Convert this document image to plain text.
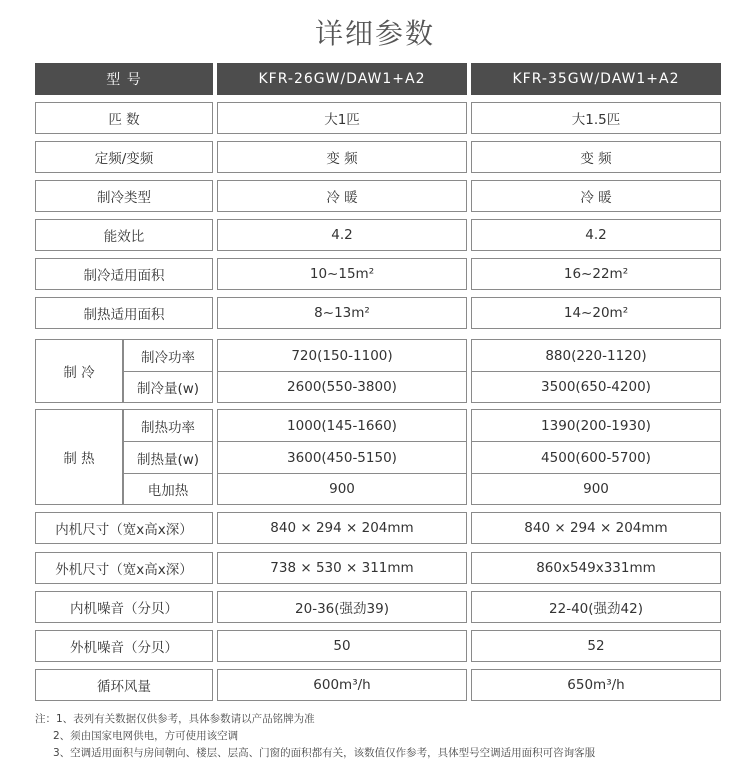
详细参数
型 号	KFR-26GW/DAW1+A2	KFR-35GW/DAW1+A2
匹 数	大1匹	大1.5匹
定频/变频	变 频	变 频
制冷类型	冷 暖	冷 暖
能效比	4.2	4.2
制冷适用面积	10~15m²	16~22m²
制热适用面积	8~13m²	14~20m²
制 冷
制冷功率	720(150-1100)	880(220-1120)
制冷量(w)	2600(550-3800)	3500(650-4200)
制 热
制热功率	1000(145-1660)	1390(200-1930)
制热量(w)	3600(450-5150)	4500(600-5700)
电加热	900	900
内机尺寸（宽x高x深）	840 × 294 × 204mm	840 × 294 × 204mm
外机尺寸（宽x高x深）	738 × 530 × 311mm	860x549x331mm
内机噪音（分贝）	20-36(强劲39)	22-40(强劲42)
外机噪音（分贝）	50	52
循环风量	600m³/h	650m³/h
注：1、表列有关数据仅供参考，具体参数请以产品铭牌为准
2、须由国家电网供电，方可使用该空调
3、空调适用面积与房间朝向、楼层、层高、门窗的面积都有关，该数值仅作参考，具体型号空调适用面积可咨询客服
